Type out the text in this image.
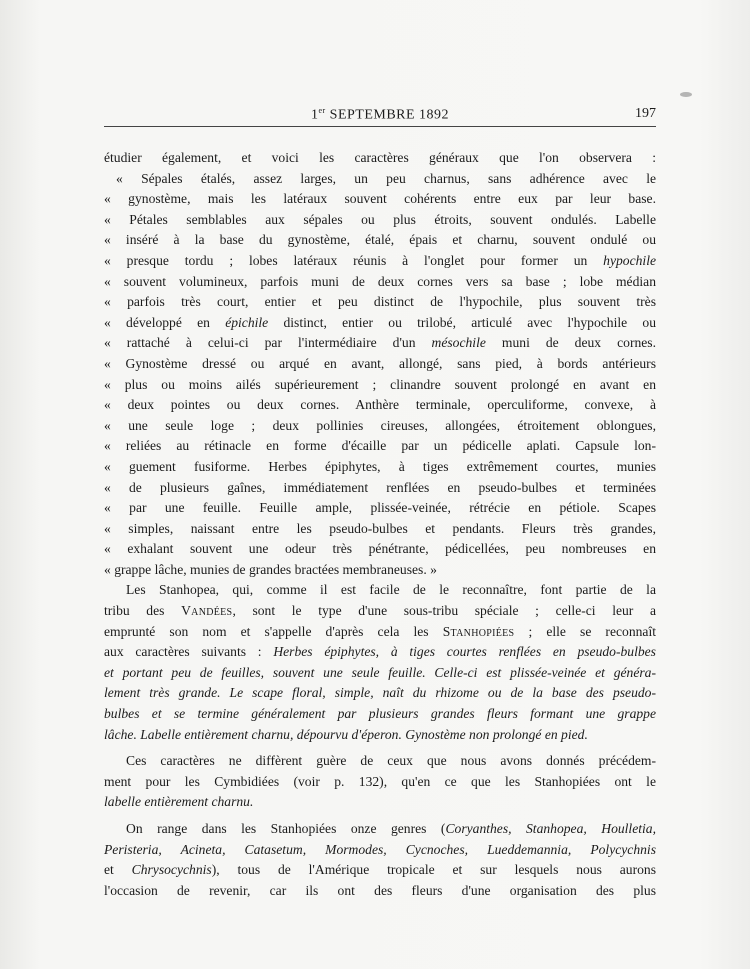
1er SEPTEMBRE 1892	197

étudier également, et voici les caractères généraux que l'on observera :
« Sépales étalés, assez larges, un peu charnus, sans adhérence avec le
« gynostème, mais les latéraux souvent cohérents entre eux par leur base.
« Pétales semblables aux sépales ou plus étroits, souvent ondulés. Labelle
« inséré à la base du gynostème, étalé, épais et charnu, souvent ondulé ou
« presque tordu ; lobes latéraux réunis à l'onglet pour former un hypochile
« souvent volumineux, parfois muni de deux cornes vers sa base ; lobe médian
« parfois très court, entier et peu distinct de l'hypochile, plus souvent très
« développé en épichile distinct, entier ou trilobé, articulé avec l'hypochile ou
« rattaché à celui-ci par l'intermédiaire d'un mésochile muni de deux cornes.
« Gynostème dressé ou arqué en avant, allongé, sans pied, à bords antérieurs
« plus ou moins ailés supérieurement ; clinandre souvent prolongé en avant en
« deux pointes ou deux cornes. Anthère terminale, operculiforme, convexe, à
« une seule loge ; deux pollinies cireuses, allongées, étroitement oblongues,
« reliées au rétinacle en forme d'écaille par un pédicelle aplati. Capsule lon-
« guement fusiforme. Herbes épiphytes, à tiges extrêmement courtes, munies
« de plusieurs gaînes, immédiatement renflées en pseudo-bulbes et terminées
« par une feuille. Feuille ample, plissée-veinée, rétrécie en pétiole. Scapes
« simples, naissant entre les pseudo-bulbes et pendants. Fleurs très grandes,
« exhalant souvent une odeur très pénétrante, pédicellées, peu nombreuses en
« grappe lâche, munies de grandes bractées membraneuses. »

Les Stanhopea, qui, comme il est facile de le reconnaître, font partie de la
tribu des Vandées, sont le type d'une sous-tribu spéciale ; celle-ci leur a
emprunté son nom et s'appelle d'après cela les Stanhopiées ; elle se reconnaît
aux caractères suivants : Herbes épiphytes, à tiges courtes renflées en pseudo-bulbes
et portant peu de feuilles, souvent une seule feuille. Celle-ci est plissée-veinée et généra-
lement très grande. Le scape floral, simple, naît du rhizome ou de la base des pseudo-
bulbes et se termine généralement par plusieurs grandes fleurs formant une grappe
lâche. Labelle entièrement charnu, dépourvu d'éperon. Gynostème non prolongé en pied.

Ces caractères ne diffèrent guère de ceux que nous avons donnés précédem-
ment pour les Cymbidiées (voir p. 132), qu'en ce que les Stanhopiées ont le
labelle entièrement charnu.

On range dans les Stanhopiées onze genres (Coryanthes, Stanhopea, Houlletia,
Peristeria, Acineta, Catasetum, Mormodes, Cycnoches, Lueddemannia, Polycychnis
et Chrysocychnis), tous de l'Amérique tropicale et sur lesquels nous aurons
l'occasion de revenir, car ils ont des fleurs d'une organisation des plus
